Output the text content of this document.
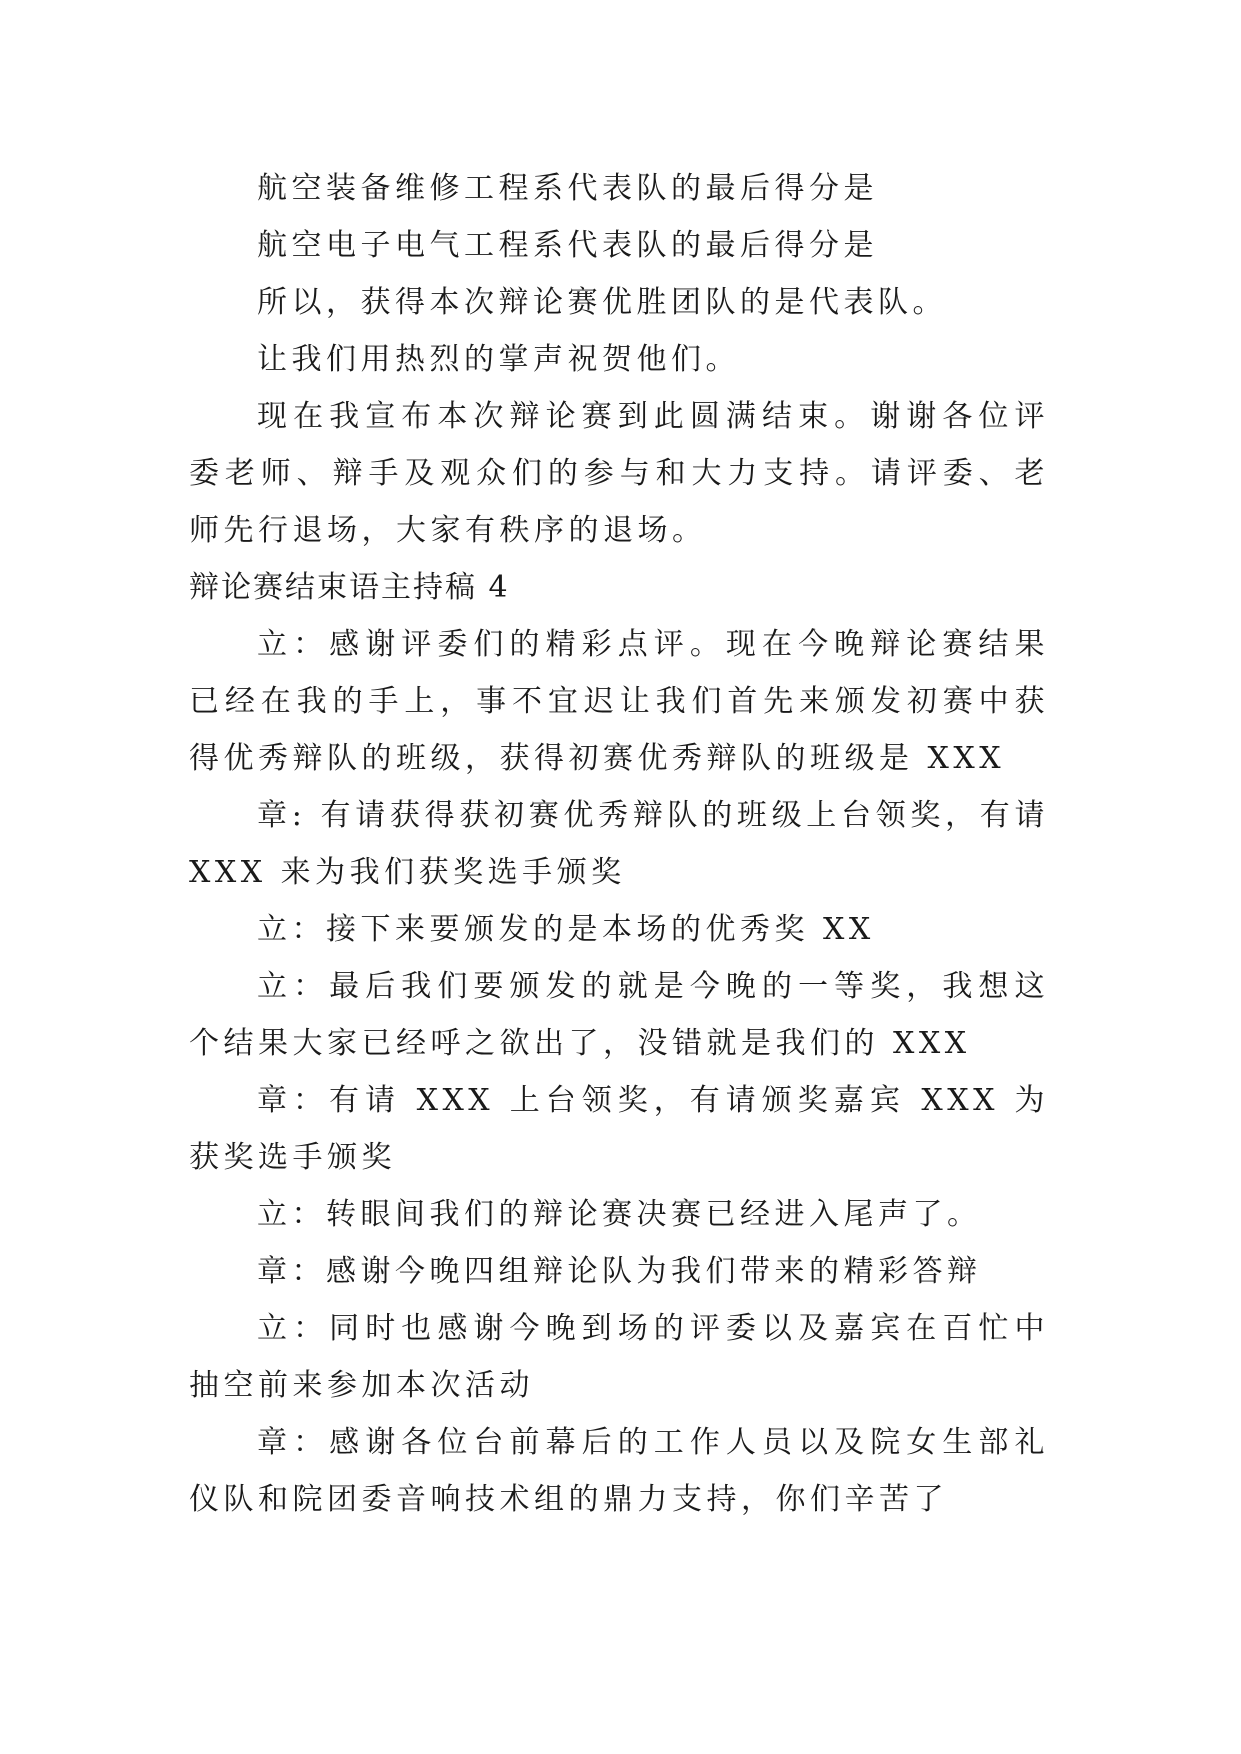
航空装备维修工程系代表队的最后得分是

航空电子电气工程系代表队的最后得分是

所以，获得本次辩论赛优胜团队的是代表队。

让我们用热烈的掌声祝贺他们。

现在我宣布本次辩论赛到此圆满结束。谢谢各位评委老师、辩手及观众们的参与和大力支持。请评委、老师先行退场，大家有秩序的退场。

辩论赛结束语主持稿 4

立：感谢评委们的精彩点评。现在今晚辩论赛结果已经在我的手上，事不宜迟让我们首先来颁发初赛中获得优秀辩队的班级，获得初赛优秀辩队的班级是 XXX

章: 有请获得获初赛优秀辩队的班级上台领奖，有请 XXX 来为我们获奖选手颁奖

立：接下来要颁发的是本场的优秀奖 XX

立：最后我们要颁发的就是今晚的一等奖，我想这个结果大家已经呼之欲出了，没错就是我们的 XXX

章：有请 XXX 上台领奖，有请颁奖嘉宾 XXX 为获奖选手颁奖

立：转眼间我们的辩论赛决赛已经进入尾声了。

章：感谢今晚四组辩论队为我们带来的精彩答辩

立：同时也感谢今晚到场的评委以及嘉宾在百忙中抽空前来参加本次活动

章：感谢各位台前幕后的工作人员以及院女生部礼仪队和院团委音响技术组的鼎力支持，你们辛苦了
